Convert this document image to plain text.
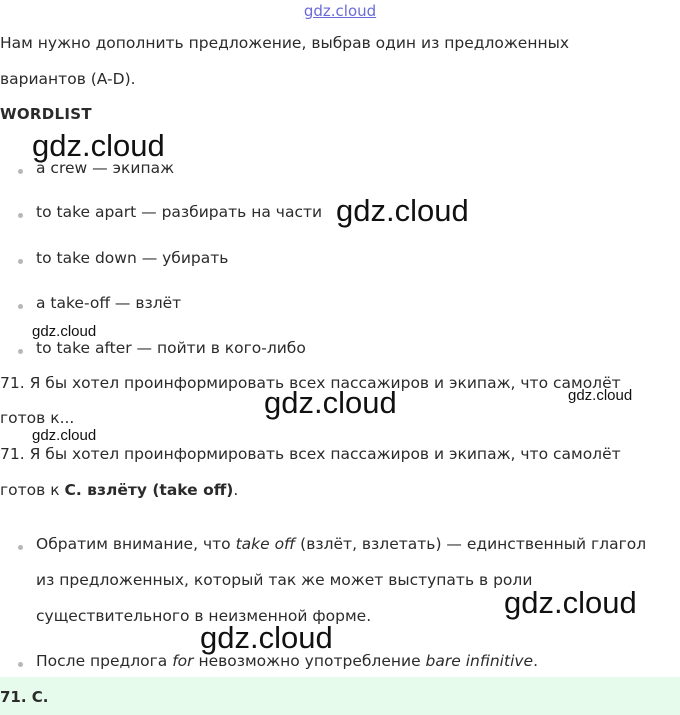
gdz.cloud
Нам нужно дополнить предложение, выбрав один из предложенных
вариантов (A-D).
WORDLIST
a crew — экипаж
to take apart — разбирать на части
to take down — убирать
a take-off — взлёт
to take after — пойти в кого-либо
71. Я бы хотел проинформировать всех пассажиров и экипаж, что самолёт
готов к...
71. Я бы хотел проинформировать всех пассажиров и экипаж, что самолёт
готов к C. взлёту (take off).
Обратим внимание, что take off (взлёт, взлетать) — единственный глагол
из предложенных, который так же может выступать в роли
существительного в неизменной форме.
После предлога for невозможно употребление bare infinitive.
71. C.
gdz.cloud
gdz.cloud
gdz.cloud
gdz.cloud	gdz.cloud
gdz.cloud
gdz.cloud
gdz.cloud
